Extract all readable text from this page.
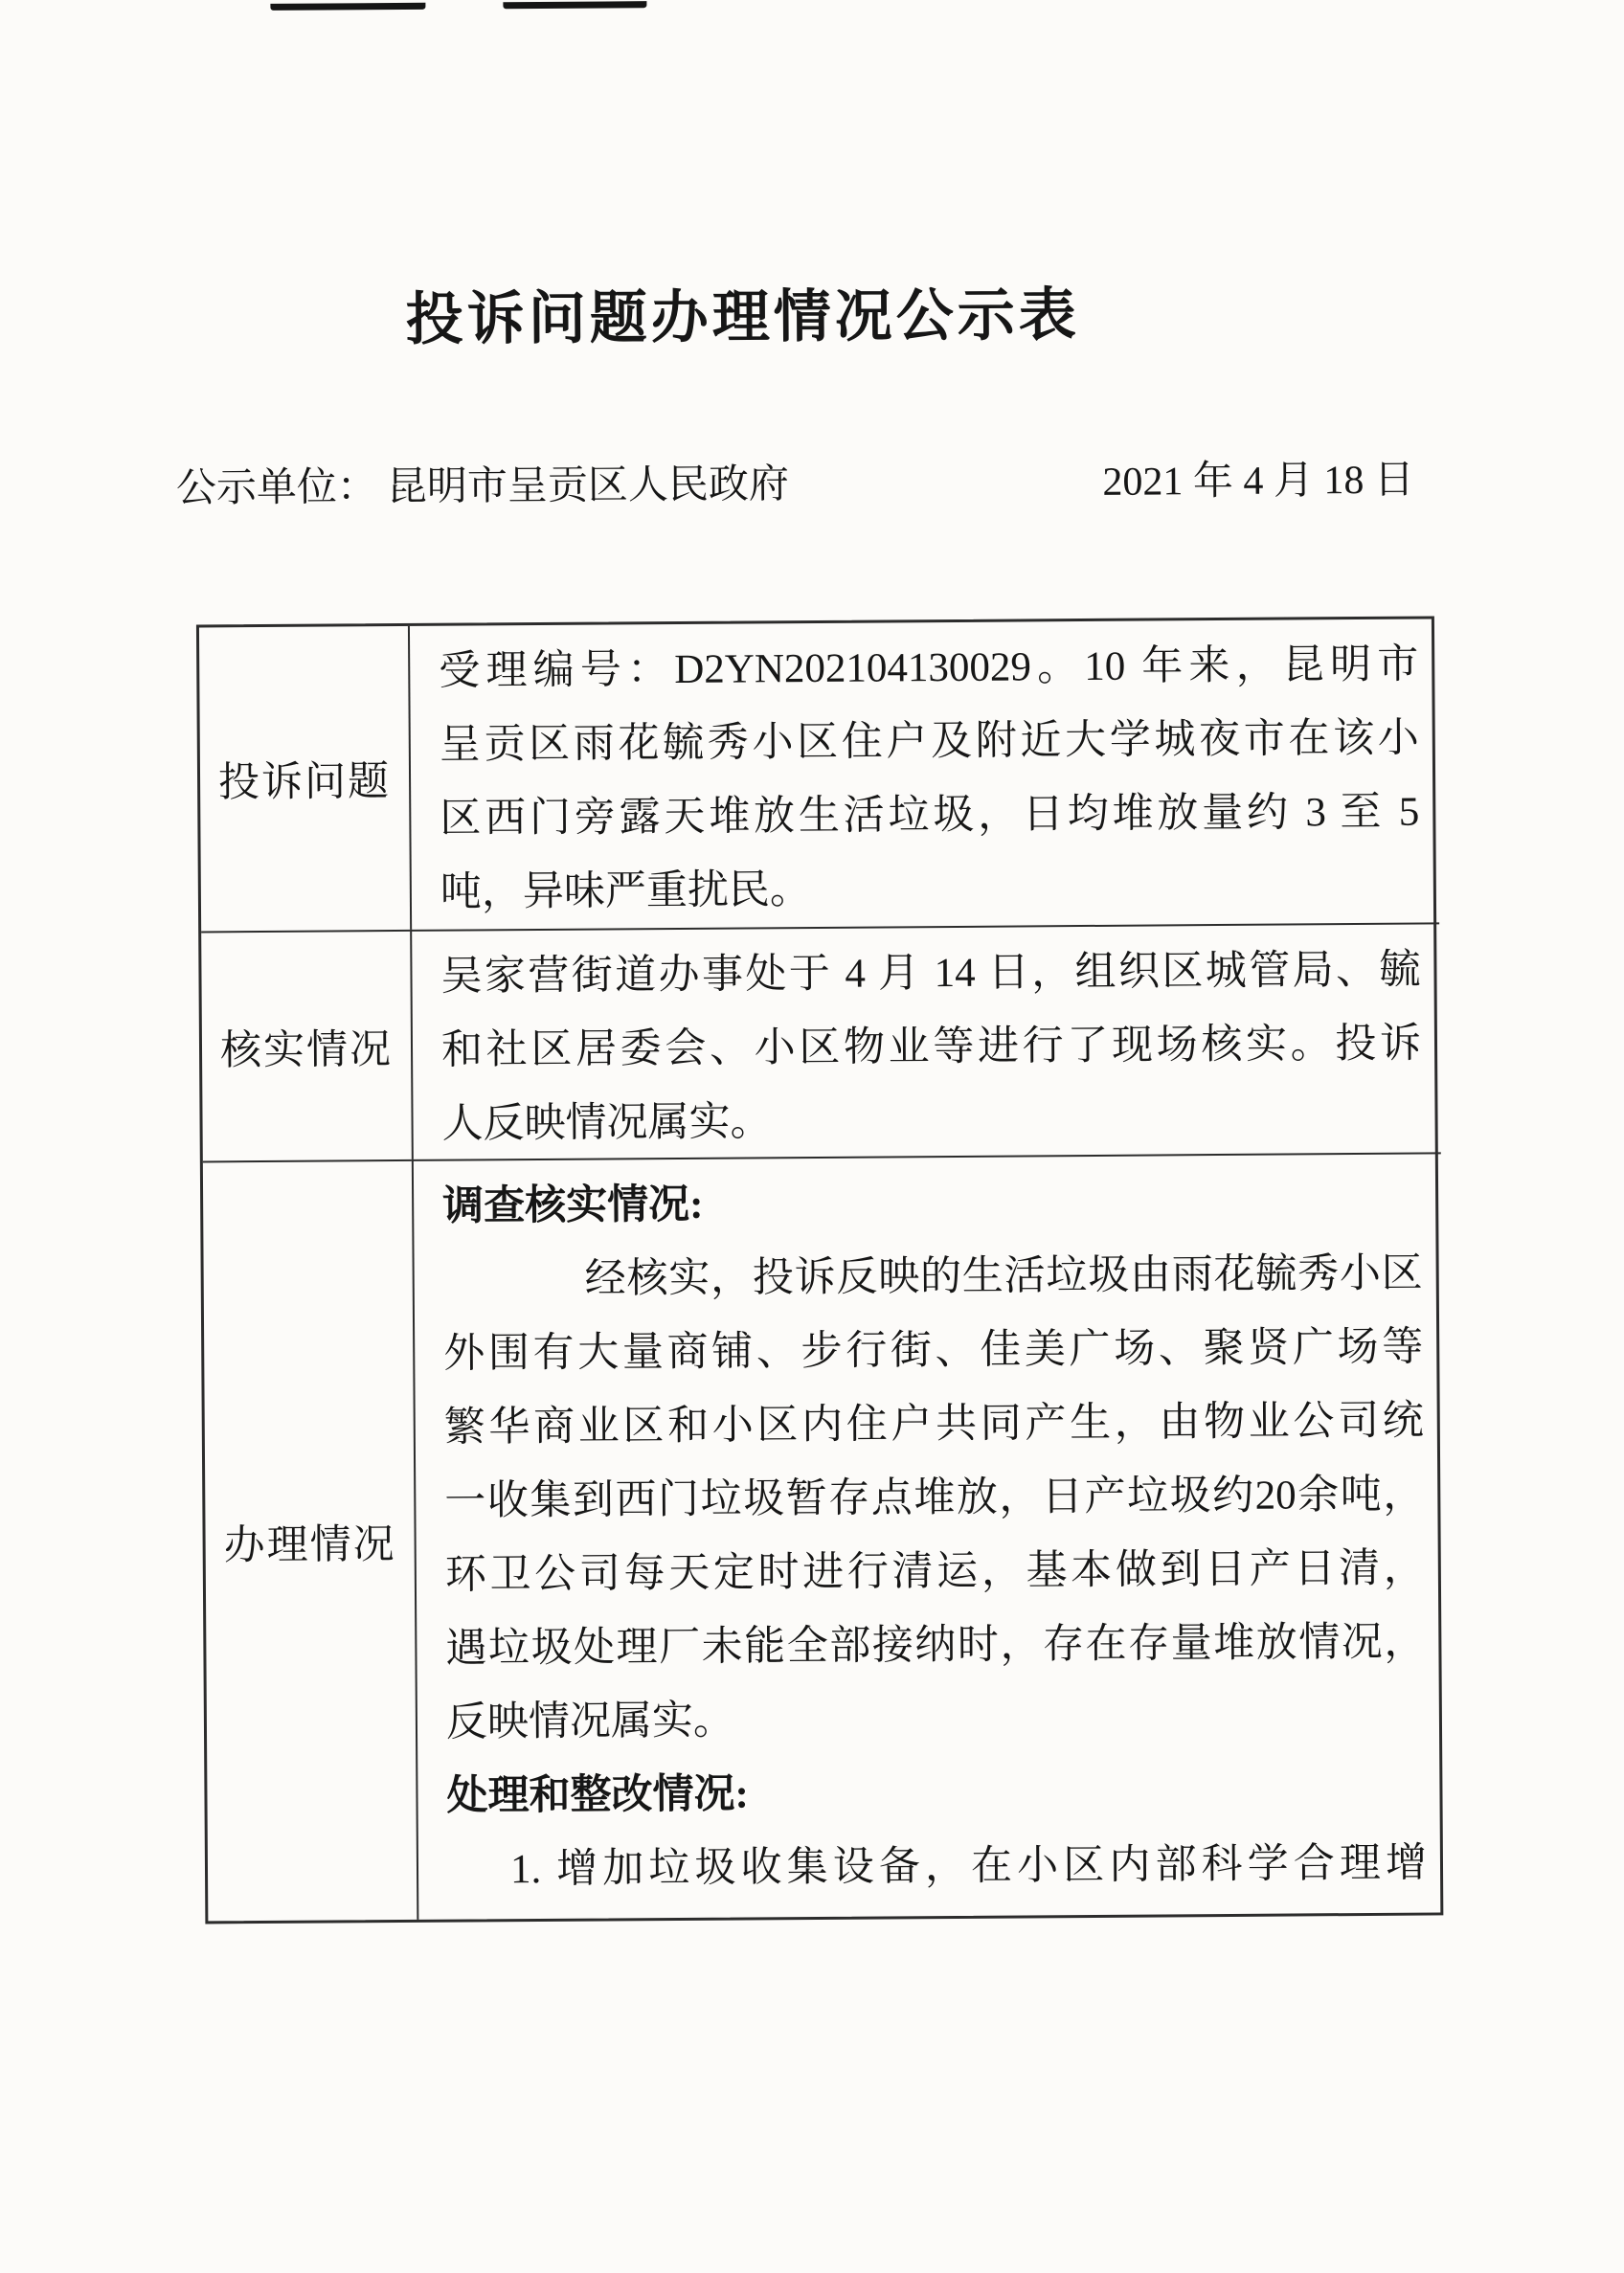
投诉问题办理情况公示表
公示单位： 昆明市呈贡区人民政府	2021 年 4 月 18 日
投诉问题
受理编号：D2YN202104130029。10 年来，昆明市
呈贡区雨花毓秀小区住户及附近大学城夜市在该小
区西门旁露天堆放生活垃圾，日均堆放量约 3 至 5
吨，异味严重扰民。
核实情况
吴家营街道办事处于 4 月 14 日，组织区城管局、毓
和社区居委会、小区物业等进行了现场核实。投诉
人反映情况属实。
办理情况
调查核实情况:
经核实，投诉反映的生活垃圾由雨花毓秀小区
外围有大量商铺、步行街、佳美广场、聚贤广场等
繁华商业区和小区内住户共同产生，由物业公司统
一收集到西门垃圾暂存点堆放，日产垃圾约20余吨，
环卫公司每天定时进行清运，基本做到日产日清，
遇垃圾处理厂未能全部接纳时，存在存量堆放情况，
反映情况属实。
处理和整改情况:
1. 增加垃圾收集设备，在小区内部科学合理增
